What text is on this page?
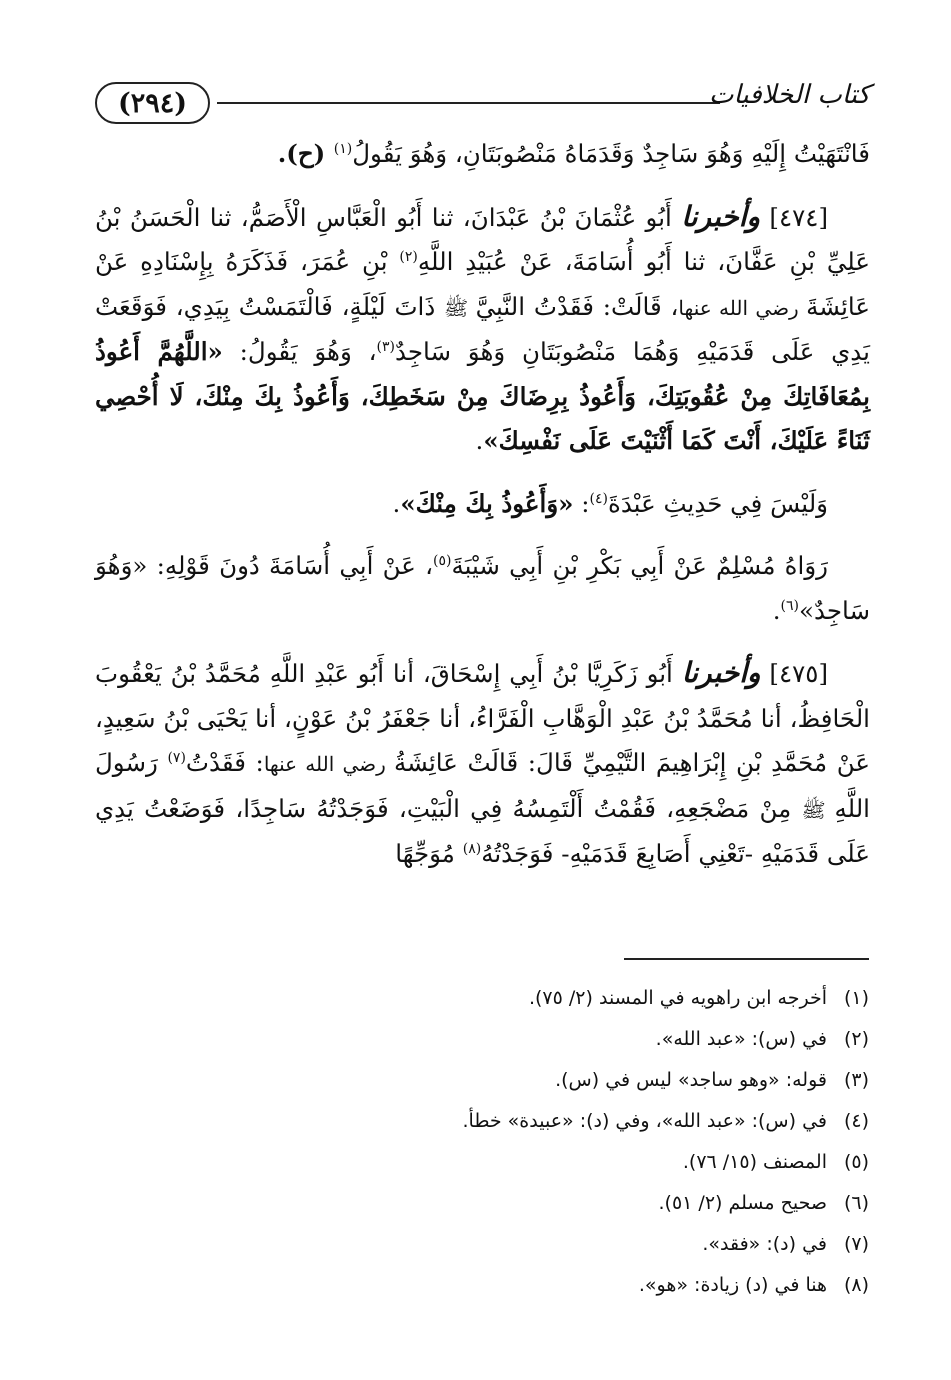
(٢٩٤)	كتاب الخلافيات

فَانْتَهَيْتُ إِلَيْهِ وَهُوَ سَاجِدٌ وَقَدَمَاهُ مَنْصُوبَتَانِ، وَهُوَ يَقُولُ$^{(١)}$ (ح).

[٤٧٤] وأخبرنا أَبُو عُثْمَانَ بْنُ عَبْدَانَ، ثنا أَبُو الْعَبَّاسِ الْأَصَمُّ، ثنا الْحَسَنُ بْنُ عَلِيِّ بْنِ عَفَّانَ، ثنا أَبُو أُسَامَةَ، عَنْ عُبَيْدِ اللَّهِ$^{(٢)}$ بْنِ عُمَرَ، فَذَكَرَهُ بِإِسْنَادِهِ عَنْ عَائِشَةَ رضي الله عنها، قَالَتْ: فَقَدْتُ النَّبِيَّ ﷺ ذَاتَ لَيْلَةٍ، فَالْتَمَسْتُ بِيَدِي، فَوَقَعَتْ يَدِي عَلَى قَدَمَيْهِ وَهُمَا مَنْصُوبَتَانِ وَهُوَ سَاجِدٌ$^{(٣)}$، وَهُوَ يَقُولُ: «اللَّهُمَّ أَعُوذُ بِمُعَافَاتِكَ مِنْ عُقُوبَتِكَ، وَأَعُوذُ بِرِضَاكَ مِنْ سَخَطِكَ، وَأَعُوذُ بِكَ مِنْكَ، لَا أُحْصِي ثَنَاءً عَلَيْكَ، أَنْتَ كَمَا أَثْنَيْتَ عَلَى نَفْسِكَ».

وَلَيْسَ فِي حَدِيثِ عَبْدَةَ$^{(٤)}$: «وَأَعُوذُ بِكَ مِنْكَ».

رَوَاهُ مُسْلِمٌ عَنْ أَبِي بَكْرِ بْنِ أَبِي شَيْبَةَ$^{(٥)}$، عَنْ أَبِي أُسَامَةَ دُونَ قَوْلِهِ: «وَهُوَ سَاجِدٌ»$^{(٦)}$.

[٤٧٥] وأخبرنا أَبُو زَكَرِيَّا بْنُ أَبِي إِسْحَاقَ، أنا أَبُو عَبْدِ اللَّهِ مُحَمَّدُ بْنُ يَعْقُوبَ الْحَافِظُ، أنا مُحَمَّدُ بْنُ عَبْدِ الْوَهَّابِ الْفَرَّاءُ، أنا جَعْفَرُ بْنُ عَوْنٍ، أنا يَحْيَى بْنُ سَعِيدٍ، عَنْ مُحَمَّدِ بْنِ إِبْرَاهِيمَ التَّيْمِيِّ قَالَ: قَالَتْ عَائِشَةُ رضي الله عنها: فَقَدْتُ$^{(٧)}$ رَسُولَ اللَّهِ ﷺ مِنْ مَضْجَعِهِ، فَقُمْتُ أَلْتَمِسُهُ فِي الْبَيْتِ، فَوَجَدْتُهُ سَاجِدًا، فَوَضَعْتُ يَدِي عَلَى قَدَمَيْهِ -تَعْنِي أَصَابِعَ قَدَمَيْهِ- فَوَجَدْتُهُ$^{(٨)}$ مُوَجِّهًا

(١)أخرجه ابن راهويه في المسند (٢/ ٧٥).
(٢)في (س): «عبد الله».
(٣)قوله: «وهو ساجد» ليس في (س).
(٤)في (س): «عبد الله»، وفي (د): «عبيدة» خطأ.
(٥)المصنف (١٥/ ٧٦).
(٦)صحيح مسلم (٢/ ٥١).
(٧)في (د): «فقد».
(٨)هنا في (د) زيادة: «هو».
